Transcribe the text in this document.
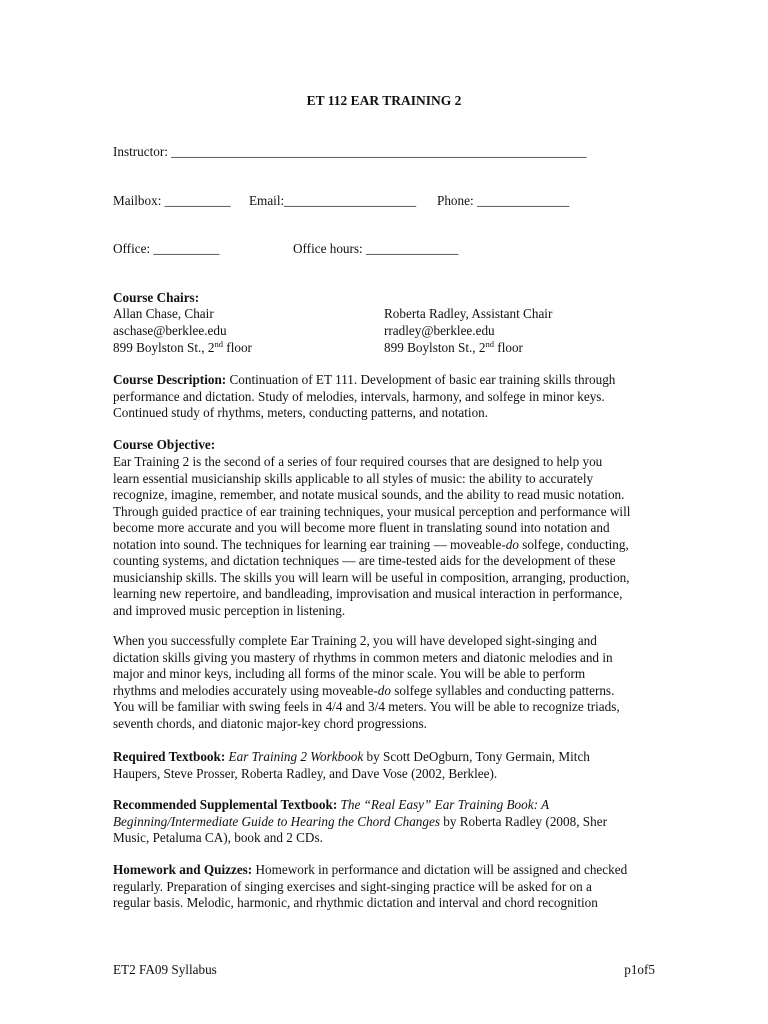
ET 112 EAR TRAINING 2
Instructor: _______________________________________________________________
Mailbox: __________ Email:____________________ Phone: ______________
Office: __________	Office hours: ______________
Course Chairs:
Allan Chase, Chair
aschase@berklee.edu
899 Boylston St., 2nd floor
Roberta Radley, Assistant Chair
rradley@berklee.edu
899 Boylston St., 2nd floor
Course Description: Continuation of ET 111. Development of basic ear training skills through
performance and dictation. Study of melodies, intervals, harmony, and solfege in minor keys.
Continued study of rhythms, meters, conducting patterns, and notation.
Course Objective:
Ear Training 2 is the second of a series of four required courses that are designed to help you
learn essential musicianship skills applicable to all styles of music: the ability to accurately
recognize, imagine, remember, and notate musical sounds, and the ability to read music notation.
Through guided practice of ear training techniques, your musical perception and performance will
become more accurate and you will become more fluent in translating sound into notation and
notation into sound. The techniques for learning ear training — moveable-do solfege, conducting,
counting systems, and dictation techniques — are time-tested aids for the development of these
musicianship skills. The skills you will learn will be useful in composition, arranging, production,
learning new repertoire, and bandleading, improvisation and musical interaction in performance,
and improved music perception in listening.
When you successfully complete Ear Training 2, you will have developed sight-singing and
dictation skills giving you mastery of rhythms in common meters and diatonic melodies and in
major and minor keys, including all forms of the minor scale. You will be able to perform
rhythms and melodies accurately using moveable-do solfege syllables and conducting patterns.
You will be familiar with swing feels in 4/4 and 3/4 meters. You will be able to recognize triads,
seventh chords, and diatonic major-key chord progressions.
Required Textbook: Ear Training 2 Workbook by Scott DeOgburn, Tony Germain, Mitch
Haupers, Steve Prosser, Roberta Radley, and Dave Vose (2002, Berklee).
Recommended Supplemental Textbook: The “Real Easy” Ear Training Book: A
Beginning/Intermediate Guide to Hearing the Chord Changes by Roberta Radley (2008, Sher
Music, Petaluma CA), book and 2 CDs.
Homework and Quizzes: Homework in performance and dictation will be assigned and checked
regularly. Preparation of singing exercises and sight-singing practice will be asked for on a
regular basis. Melodic, harmonic, and rhythmic dictation and interval and chord recognition
ET2 FA09 Syllabus	p1of5
